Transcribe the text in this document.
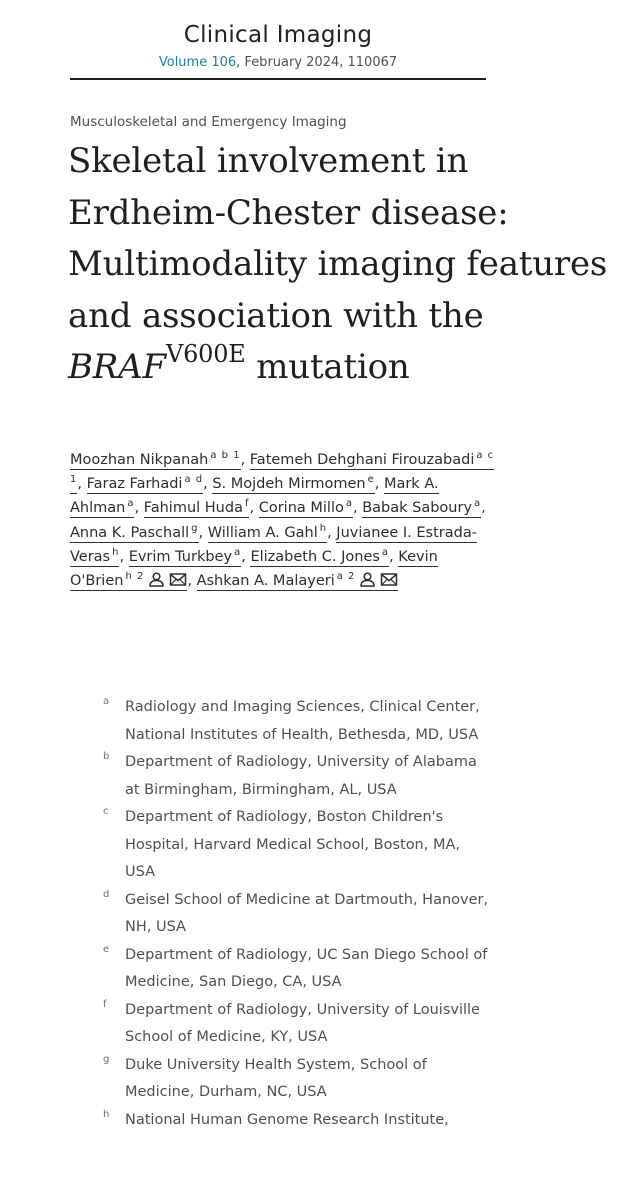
Clinical Imaging
Volume 106, February 2024, 110067
Musculoskeletal and Emergency Imaging
Skeletal involvement in Erdheim-Chester disease: Multimodality imaging features and association with the $BRAF^{V600E}$ mutation
Moozhan Nikpanah $^{a b 1}$, Fatemeh Dehghani Firouzabadi $^{a c 1}$, Faraz Farhadi $^{a d}$, S. Mojdeh Mirmomen $^e$, Mark A. Ahlman $^a$, Fahimul Huda $^f$, Corina Millo $^a$, Babak Saboury $^a$, Anna K. Paschall $^g$, William A. Gahl $^h$, Juvianee I. Estrada-Veras $^h$, Evrim Turkbey $^a$, Elizabeth C. Jones $^a$, Kevin O'Brien $^{h 2}$	, Ashkan A. Malayeri $^{a 2}$
a Radiology and Imaging Sciences, Clinical Center, National Institutes of Health, Bethesda, MD, USA
b Department of Radiology, University of Alabama at Birmingham, Birmingham, AL, USA
c Department of Radiology, Boston Children's Hospital, Harvard Medical School, Boston, MA, USA
d Geisel School of Medicine at Dartmouth, Hanover, NH, USA
e Department of Radiology, UC San Diego School of Medicine, San Diego, CA, USA
f Department of Radiology, University of Louisville School of Medicine, KY, USA
g Duke University Health System, School of Medicine, Durham, NC, USA
h National Human Genome Research Institute,
